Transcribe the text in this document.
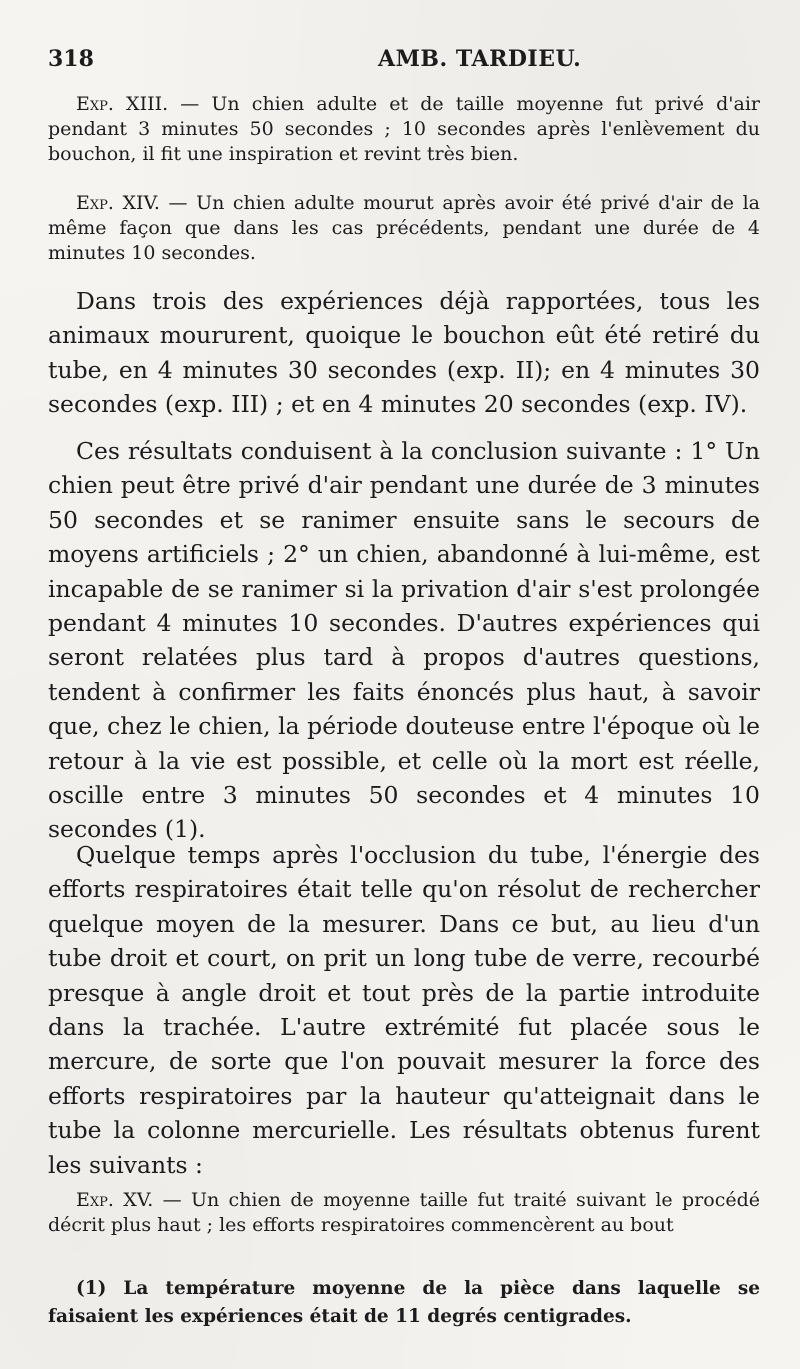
318	AMB. TARDIEU.

Exp. XIII. — Un chien adulte et de taille moyenne fut privé d'air pendant 3 minutes 50 secondes ; 10 secondes après l'enlèvement du bouchon, il fit une inspiration et revint très bien.

Exp. XIV. — Un chien adulte mourut après avoir été privé d'air de la même façon que dans les cas précédents, pendant une durée de 4 minutes 10 secondes.

Dans trois des expériences déjà rapportées, tous les animaux moururent, quoique le bouchon eût été retiré du tube, en 4 minutes 30 secondes (exp. II); en 4 minutes 30 secondes (exp. III) ; et en 4 minutes 20 secondes (exp. IV).

Ces résultats conduisent à la conclusion suivante : 1° Un chien peut être privé d'air pendant une durée de 3 minutes 50 secondes et se ranimer ensuite sans le secours de moyens artificiels ; 2° un chien, abandonné à lui-même, est incapable de se ranimer si la privation d'air s'est prolongée pendant 4 minutes 10 secondes. D'autres expériences qui seront relatées plus tard à propos d'autres questions, tendent à confirmer les faits énoncés plus haut, à savoir que, chez le chien, la période douteuse entre l'époque où le retour à la vie est possible, et celle où la mort est réelle, oscille entre 3 minutes 50 secondes et 4 minutes 10 secondes (1).

Quelque temps après l'occlusion du tube, l'énergie des efforts respiratoires était telle qu'on résolut de rechercher quelque moyen de la mesurer. Dans ce but, au lieu d'un tube droit et court, on prit un long tube de verre, recourbé presque à angle droit et tout près de la partie introduite dans la trachée. L'autre extrémité fut placée sous le mercure, de sorte que l'on pouvait mesurer la force des efforts respiratoires par la hauteur qu'atteignait dans le tube la colonne mercurielle. Les résultats obtenus furent les suivants :

Exp. XV. — Un chien de moyenne taille fut traité suivant le procédé décrit plus haut ; les efforts respiratoires commencèrent au bout

(1) La température moyenne de la pièce dans laquelle se faisaient les expériences était de 11 degrés centigrades.
